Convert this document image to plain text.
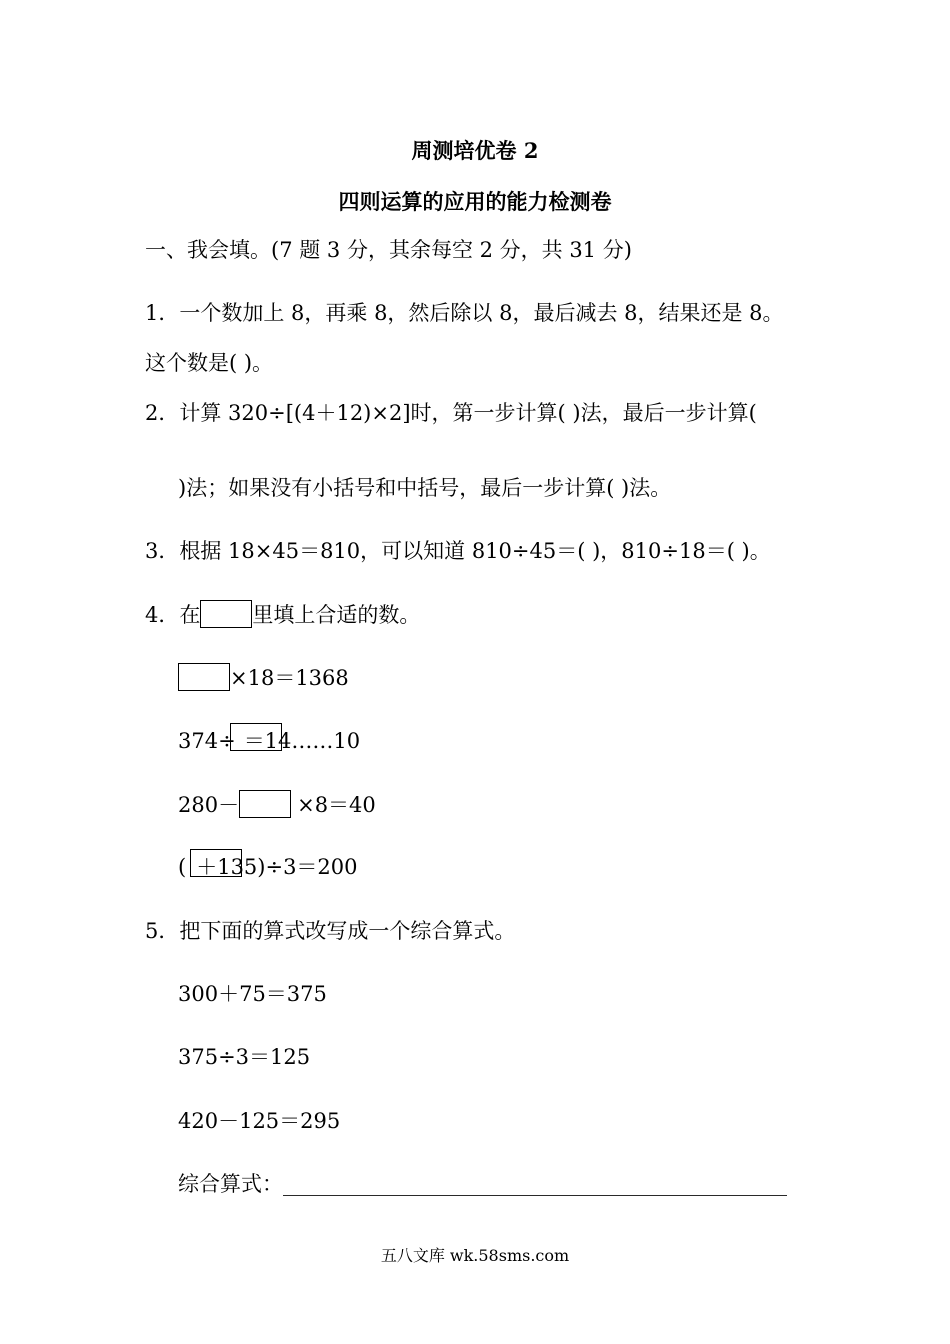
周测培优卷 2
四则运算的应用的能力检测卷
一、我会填。(7 题 3 分，其余每空 2 分，共 31 分)
1．一个数加上 8，再乘 8，然后除以 8，最后减去 8，结果还是 8。
这个数是( )。
2．计算 320÷[(4＋12)×2]时，第一步计算( )法，最后一步计算(
)法；如果没有小括号和中括号，最后一步计算( )法。
3．根据 18×45＝810，可以知道 810÷45＝( )，810÷18＝( )。
4．在 里填上合适的数。
×18＝1368
374÷ ＝14……10
280－	×8＝40
( ＋135)÷3＝200
5．把下面的算式改写成一个综合算式。
300＋75＝375
375÷3＝125
420－125＝295
综合算式：________________________________________________
五八文库 wk.58sms.com
